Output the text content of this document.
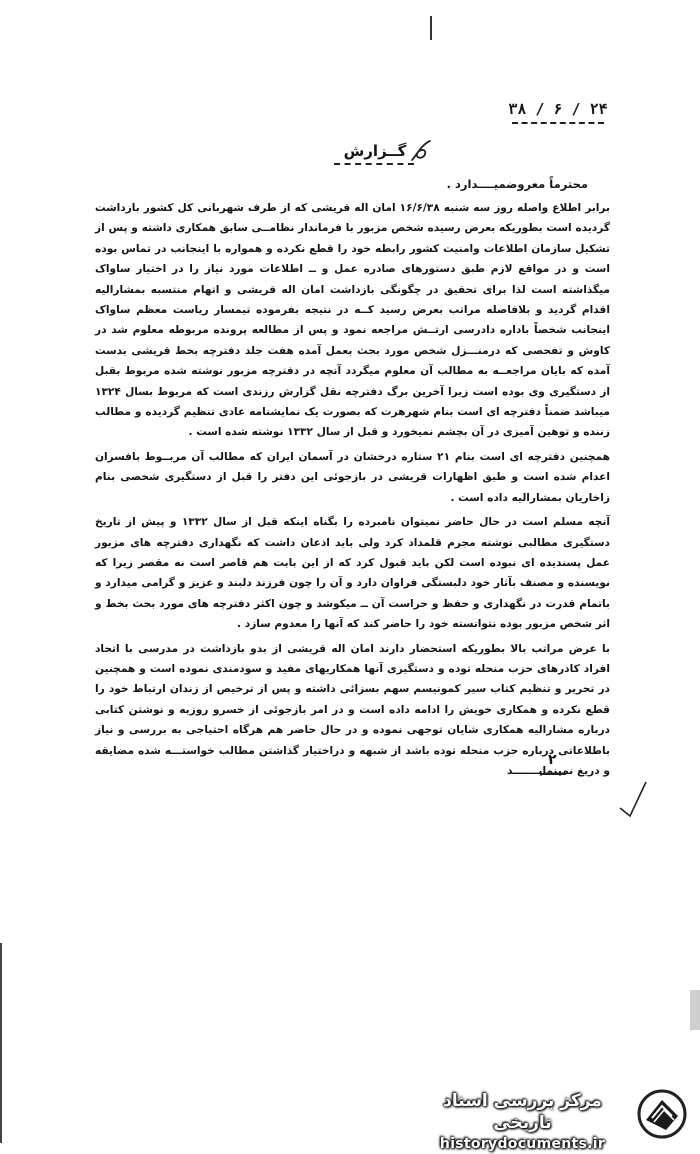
۳۸ / ۶ / ۲۴
گــزارش
محترماً معروضمیــــدارد .

برابر اطلاع واصله روز سه شنبه ۱۶/۶/۳۸ امان اله قریشی که از طرف شهربانی کل کشور بازداشت گردیده است بطوریکه بعرض رسیده شخص مزبور با فرماندار نظامــی سابق همکاری داشته و پس از تشکیل سازمان اطلاعات وامنیت کشور رابطه خود را قطع نکرده و همواره با اینجانب در تماس بوده است و در مواقع لازم طبق دستورهای صادره عمل و ــ اطلاعات مورد نیاز را در اختیار ساواک میگذاشته است لذا برای تحقیق در چگونگی بازداشت امان اله قریشی و اتهام منتسبه بمشارالیه اقدام گردید و بلافاصله مراتب بعرض رسید کــه در نتیجه بفرموده تیمسار ریاست معظم ساواک اینجانب شخصاً باداره دادرسی ارتــش مراجعه نمود و پس از مطالعه پرونده مربوطه معلوم شد در کاوش و تفحصی که درمنـــزل شخص مورد بحث بعمل آمده هفت جلد دفترچه بخط قریشی بدست آمده که بایان مراجعــه به مطالب آن معلوم میگردد آنچه در دفترچه مزبور نوشته شده مربوط بقبل از دستگیری وی بوده است زیرا آخرین برگ دفترچه نقل گزارش رزندی است که مربوط بسال ۱۳۲۴ میباشد ضمناً دفترچه ای است بنام شهرهرت که بصورت یک نمایشنامه عادی تنظیم گردیده و مطالب زننده و توهین آمیزی در آن بچشم نمیخورد و قبل از سال ۱۳۳۲ نوشته شده است .

همچنین دفترچه ای است بنام ۲۱ ستاره درخشان در آسمان ایران که مطالب آن مربــوط بافسران اعدام شده است و طبق اظهارات قریشی در بازجوئی این دفتر را قبل از دستگیری شخصی بنام زاخاریان بمشارالیه داده است .

آنچه مسلم است در حال حاضر نمیتوان نامبرده را بگناه اینکه قبل از سال ۱۳۳۲ و پیش از تاریخ دستگیری مطالبی نوشته مجرم قلمداد کرد ولی باید اذعان داشت که نگهداری دفترچه های مزبور عمل پسندیده ای نبوده است لکن باید قبول کرد که از این بابت هم قاصر است نه مقصر زیرا که نویسنده و مصنف بآثار خود دلبستگی فراوان دارد و آن را چون فرزند دلبند و عزیز و گرامی میدارد و باتمام قدرت در نگهداری و حفظ و حراست آن ــ میکوشد و چون اکثر دفترچه های مورد بحث بخط و اثر شخص مزبور بوده نتوانسته خود را حاضر کند که آنها را معدوم سازد .

با عرض مراتب بالا بطوریکه استحضار دارند امان اله قریشی از بدو بازداشت در مدرسی با اتحاد افراد کادرهای حزب منحله توده و دستگیری آنها همکاریهای مفید و سودمندی نموده است و همچنین در تحریر و تنظیم کتاب سیر کمونیسم سهم بسزائی داشته و پس از ترخیص از زندان ارتباط خود را قطع نکرده و همکاری خویش را ادامه داده است و در امر بازجوئی از خسرو روزبه و نوشتن کتابی درباره مشارالیه همکاری شایان توجهی نموده و در حال حاضر هم هرگاه احتیاجی به بررسی و نیاز باطلاعاتی درباره حزب منحله توده باشد از شبهه و دراختیار گذاشتن مطالب خواستـــه شده مضایقه و دریغ نمینمایـــــــد

۲
مرکز بررسی اسناد تاریخی
historydocuments.ir
